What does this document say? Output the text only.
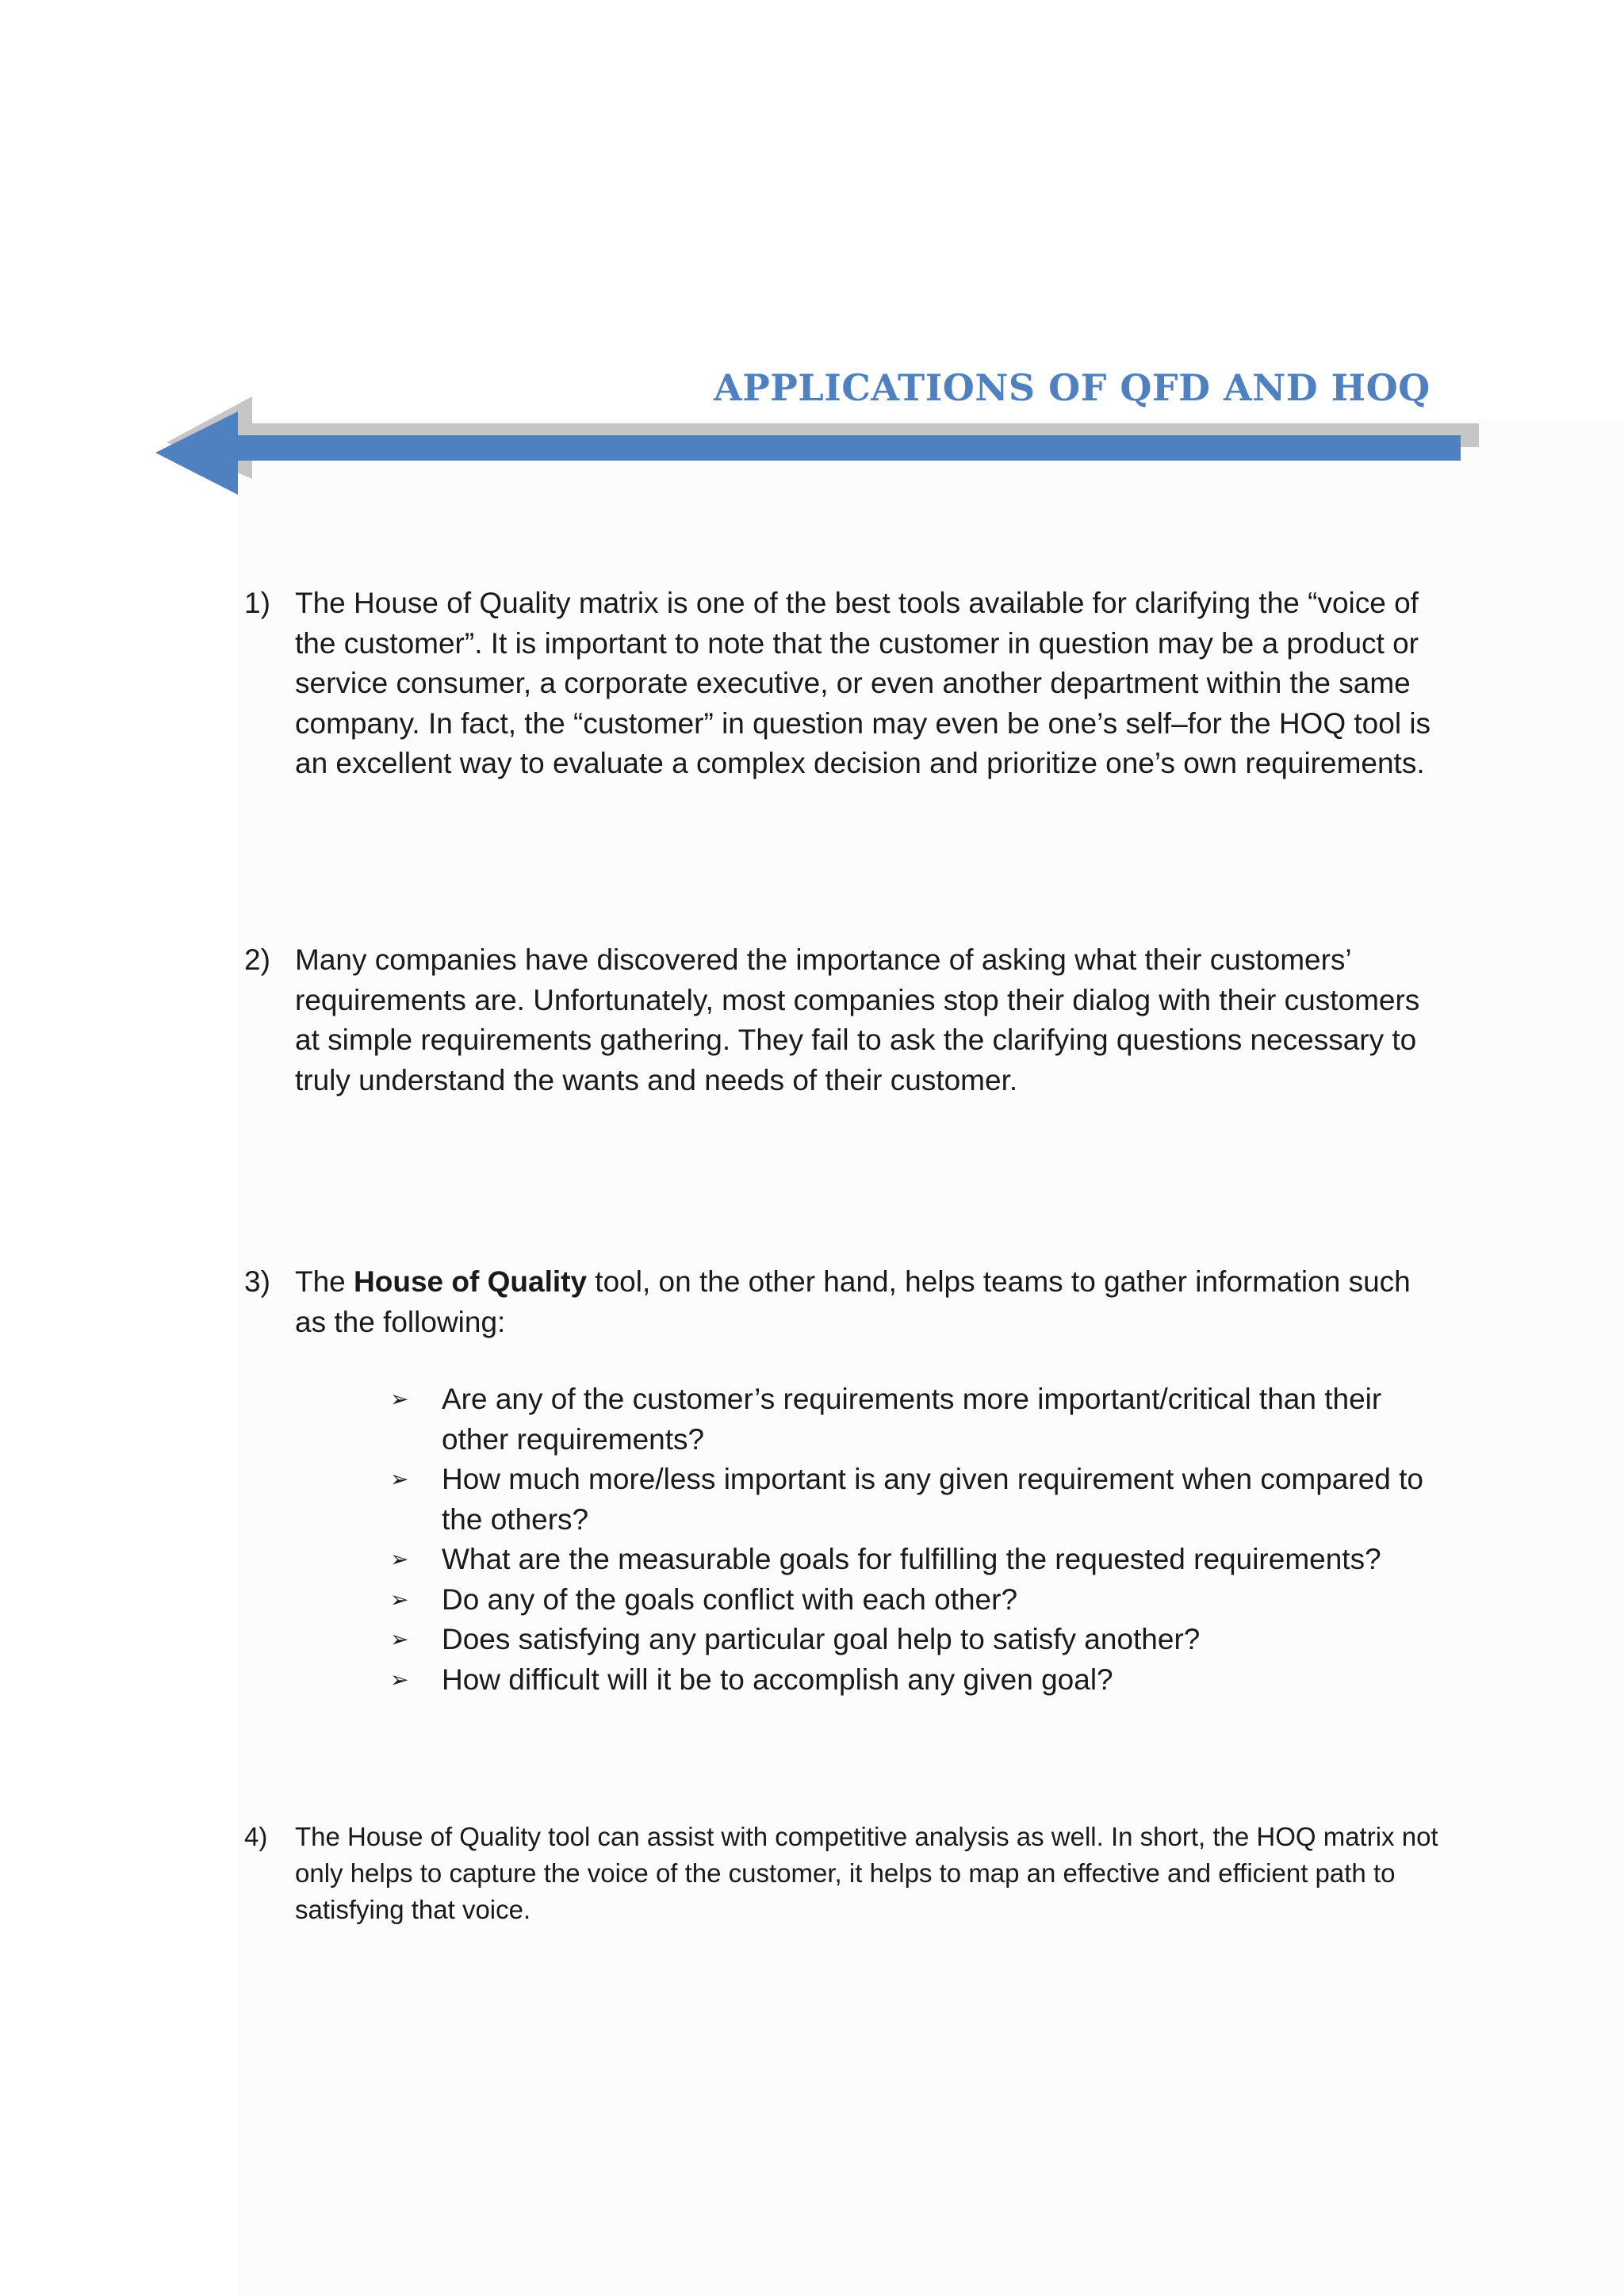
APPLICATIONS OF QFD AND HOQ
1) The House of Quality matrix is one of the best tools available for clarifying the “voice of the customer”. It is important to note that the customer in question may be a product or service consumer, a corporate executive, or even another department within the same company. In fact, the “customer” in question may even be one’s self–for the HOQ tool is an excellent way to evaluate a complex decision and prioritize one’s own requirements.
2) Many companies have discovered the importance of asking what their customers’ requirements are. Unfortunately, most companies stop their dialog with their customers at simple requirements gathering. They fail to ask the clarifying questions necessary to truly understand the wants and needs of their customer.
3) The House of Quality tool, on the other hand, helps teams to gather information such as the following:
➢ Are any of the customer’s requirements more important/critical than their other requirements?
➢ How much more/less important is any given requirement when compared to the others?
➢ What are the measurable goals for fulfilling the requested requirements?
➢ Do any of the goals conflict with each other?
➢ Does satisfying any particular goal help to satisfy another?
➢ How difficult will it be to accomplish any given goal?
4) The House of Quality tool can assist with competitive analysis as well. In short, the HOQ matrix not only helps to capture the voice of the customer, it helps to map an effective and efficient path to satisfying that voice.
